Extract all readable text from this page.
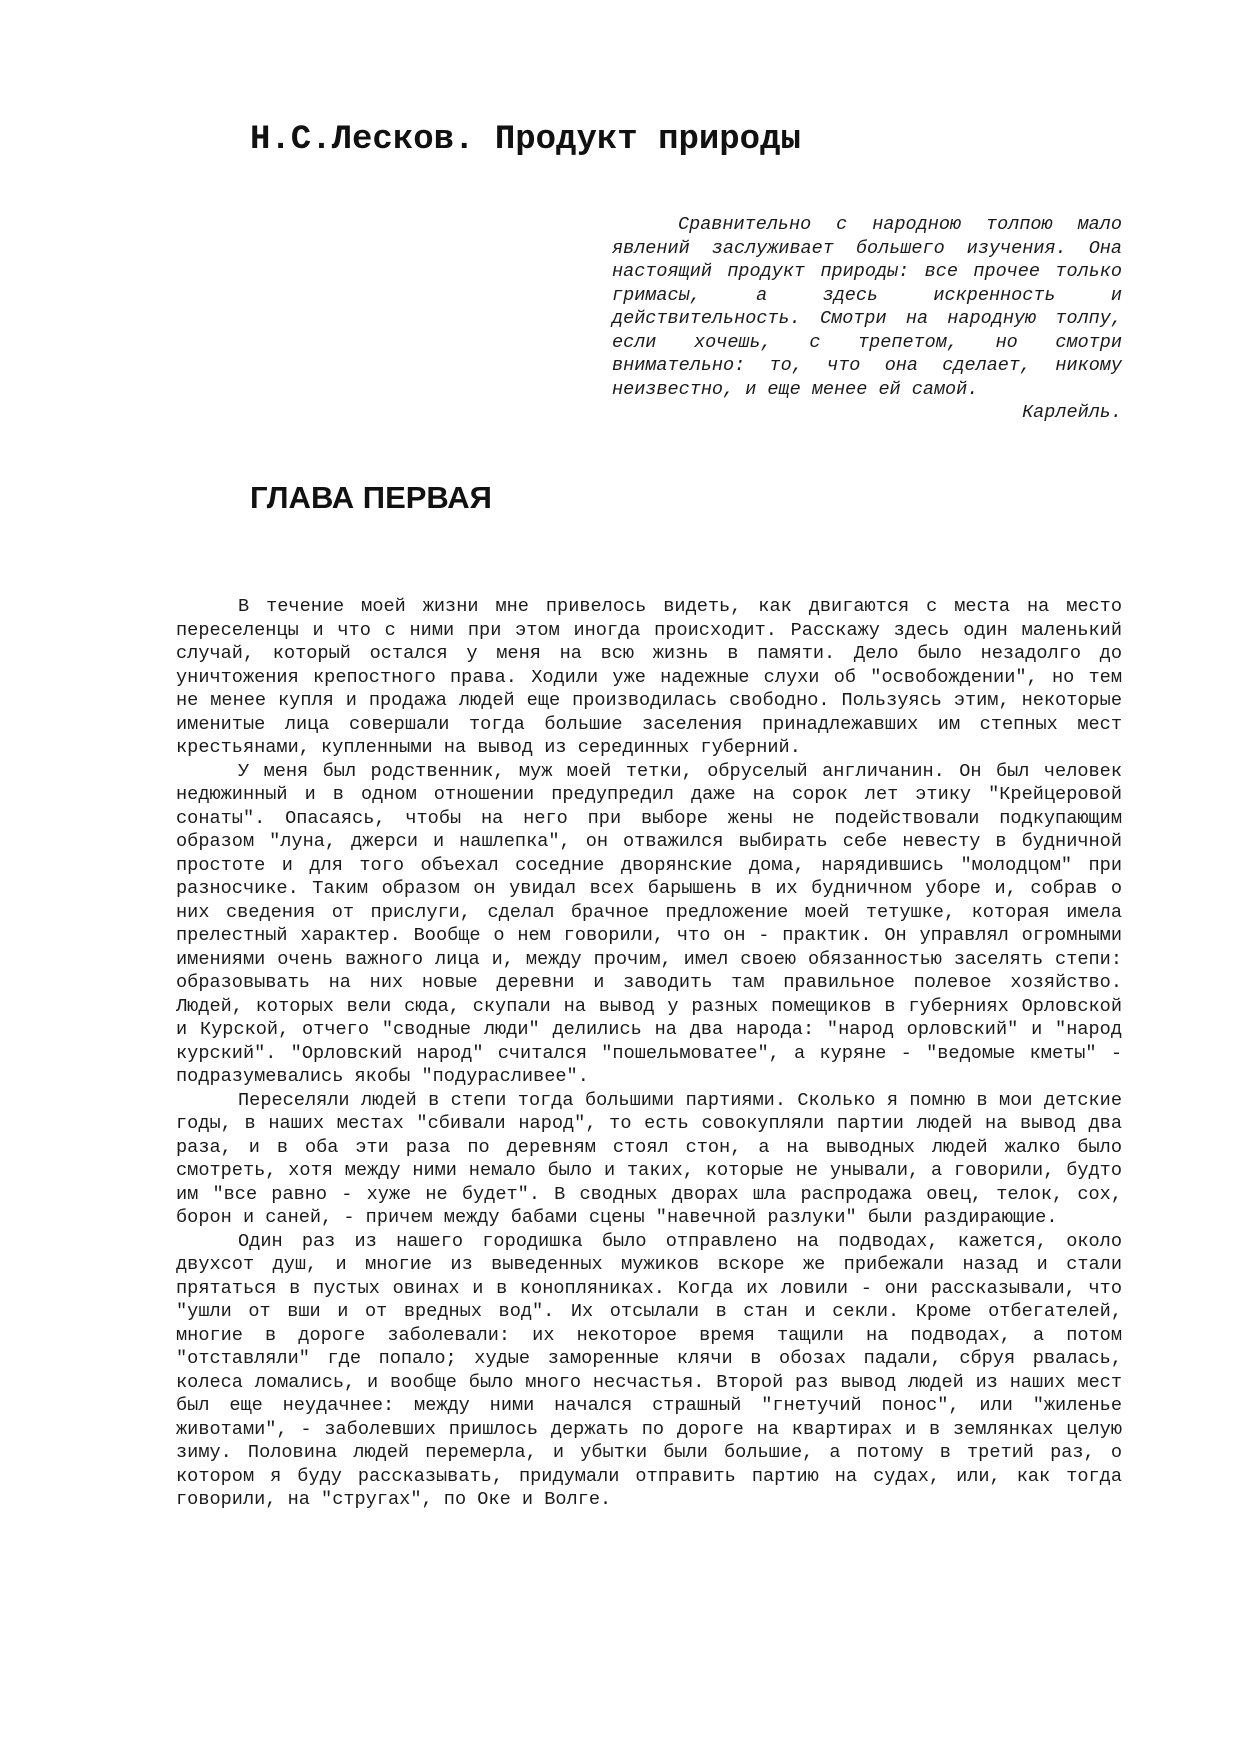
Н.С.Лесков. Продукт природы

Сравнительно с народною толпою мало явлений заслуживает большего изучения. Она настоящий продукт природы: все прочее только гримасы, а здесь искренность и действительность. Смотри на народную толпу, если хочешь, с трепетом, но смотри внимательно: то, что она сделает, никому неизвестно, и еще менее ей самой.

Карлейль.

ГЛАВА ПЕРВАЯ

В течение моей жизни мне привелось видеть, как двигаются с места на место переселенцы и что с ними при этом иногда происходит. Расскажу здесь один маленький случай, который остался у меня на всю жизнь в памяти. Дело было незадолго до уничтожения крепостного права. Ходили уже надежные слухи об "освобождении", но тем не менее купля и продажа людей еще производилась свободно. Пользуясь этим, некоторые именитые лица совершали тогда большие заселения принадлежавших им степных мест крестьянами, купленными на вывод из серединных губерний.

У меня был родственник, муж моей тетки, обруселый англичанин. Он был человек недюжинный и в одном отношении предупредил даже на сорок лет этику "Крейцеровой сонаты". Опасаясь, чтобы на него при выборе жены не подействовали подкупающим образом "луна, джерси и нашлепка", он отважился выбирать себе невесту в будничной простоте и для того объехал соседние дворянские дома, нарядившись "молодцом" при разносчике. Таким образом он увидал всех барышень в их будничном уборе и, собрав о них сведения от прислуги, сделал брачное предложение моей тетушке, которая имела прелестный характер. Вообще о нем говорили, что он - практик. Он управлял огромными имениями очень важного лица и, между прочим, имел своею обязанностью заселять степи: образовывать на них новые деревни и заводить там правильное полевое хозяйство. Людей, которых вели сюда, скупали на вывод у разных помещиков в губерниях Орловской и Курской, отчего "сводные люди" делились на два народа: "народ орловский" и "народ курский". "Орловский народ" считался "пошельмоватее", а куряне - "ведомые кметы" - подразумевались якобы "подурасливее".

Переселяли людей в степи тогда большими партиями. Сколько я помню в мои детские годы, в наших местах "сбивали народ", то есть совокупляли партии людей на вывод два раза, и в оба эти раза по деревням стоял стон, а на выводных людей жалко было смотреть, хотя между ними немало было и таких, которые не унывали, а говорили, будто им "все равно - хуже не будет". В сводных дворах шла распродажа овец, телок, сох, борон и саней, - причем между бабами сцены "навечной разлуки" были раздирающие.

Один раз из нашего городишка было отправлено на подводах, кажется, около двухсот душ, и многие из выведенных мужиков вскоре же прибежали назад и стали прятаться в пустых овинах и в конопляниках. Когда их ловили - они рассказывали, что "ушли от вши и от вредных вод". Их отсылали в стан и секли. Кроме отбегателей, многие в дороге заболевали: их некоторое время тащили на подводах, а потом "отставляли" где попало; худые заморенные клячи в обозах падали, сбруя рвалась, колеса ломались, и вообще было много несчастья. Второй раз вывод людей из наших мест был еще неудачнее: между ними начался страшный "гнетучий понос", или "жиленье животами", - заболевших пришлось держать по дороге на квартирах и в землянках целую зиму. Половина людей перемерла, и убытки были большие, а потому в третий раз, о котором я буду рассказывать, придумали отправить партию на судах, или, как тогда говорили, на "стругах", по Оке и Волге.
